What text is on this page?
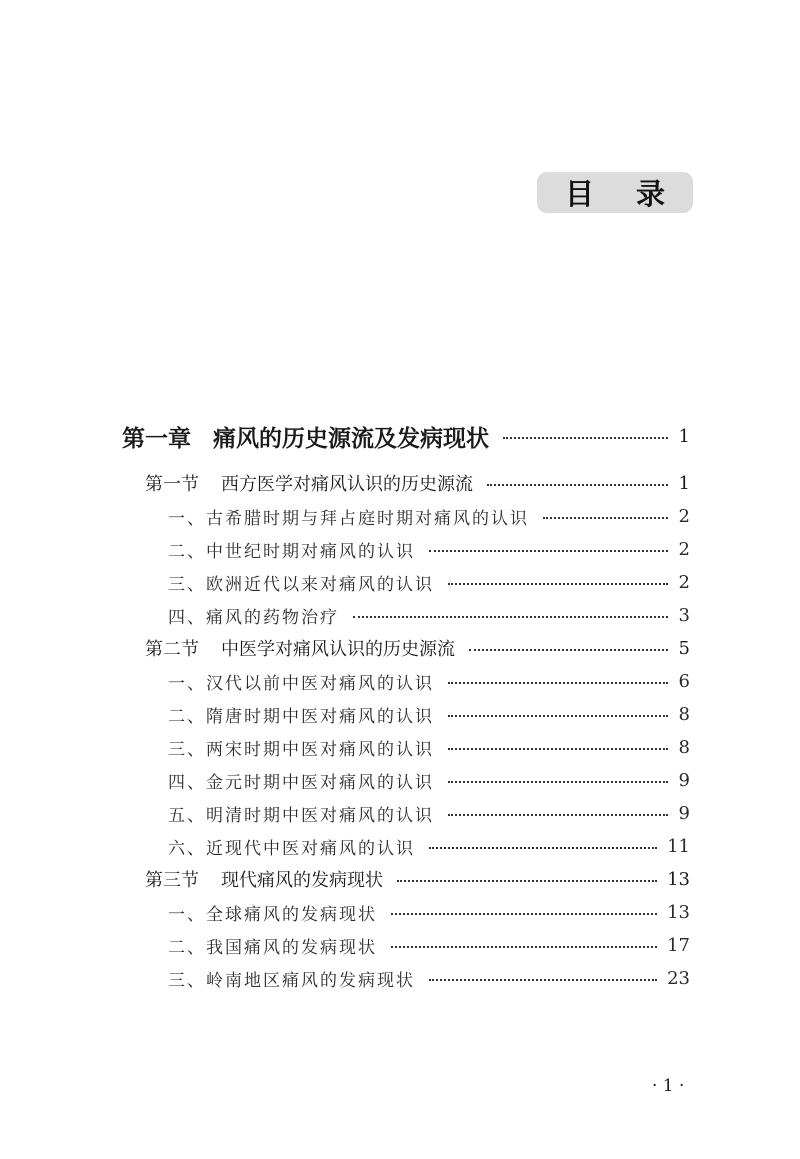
目 录
第一章 痛风的历史源流及发病现状	1
第一节 西方医学对痛风认识的历史源流	1
一、古希腊时期与拜占庭时期对痛风的认识	2
二、中世纪时期对痛风的认识	2
三、欧洲近代以来对痛风的认识	2
四、痛风的药物治疗	3
第二节 中医学对痛风认识的历史源流	5
一、汉代以前中医对痛风的认识	6
二、隋唐时期中医对痛风的认识	8
三、两宋时期中医对痛风的认识	8
四、金元时期中医对痛风的认识	9
五、明清时期中医对痛风的认识	9
六、近现代中医对痛风的认识	11
第三节 现代痛风的发病现状	13
一、全球痛风的发病现状	13
二、我国痛风的发病现状	17
三、岭南地区痛风的发病现状	23
· 1 ·
